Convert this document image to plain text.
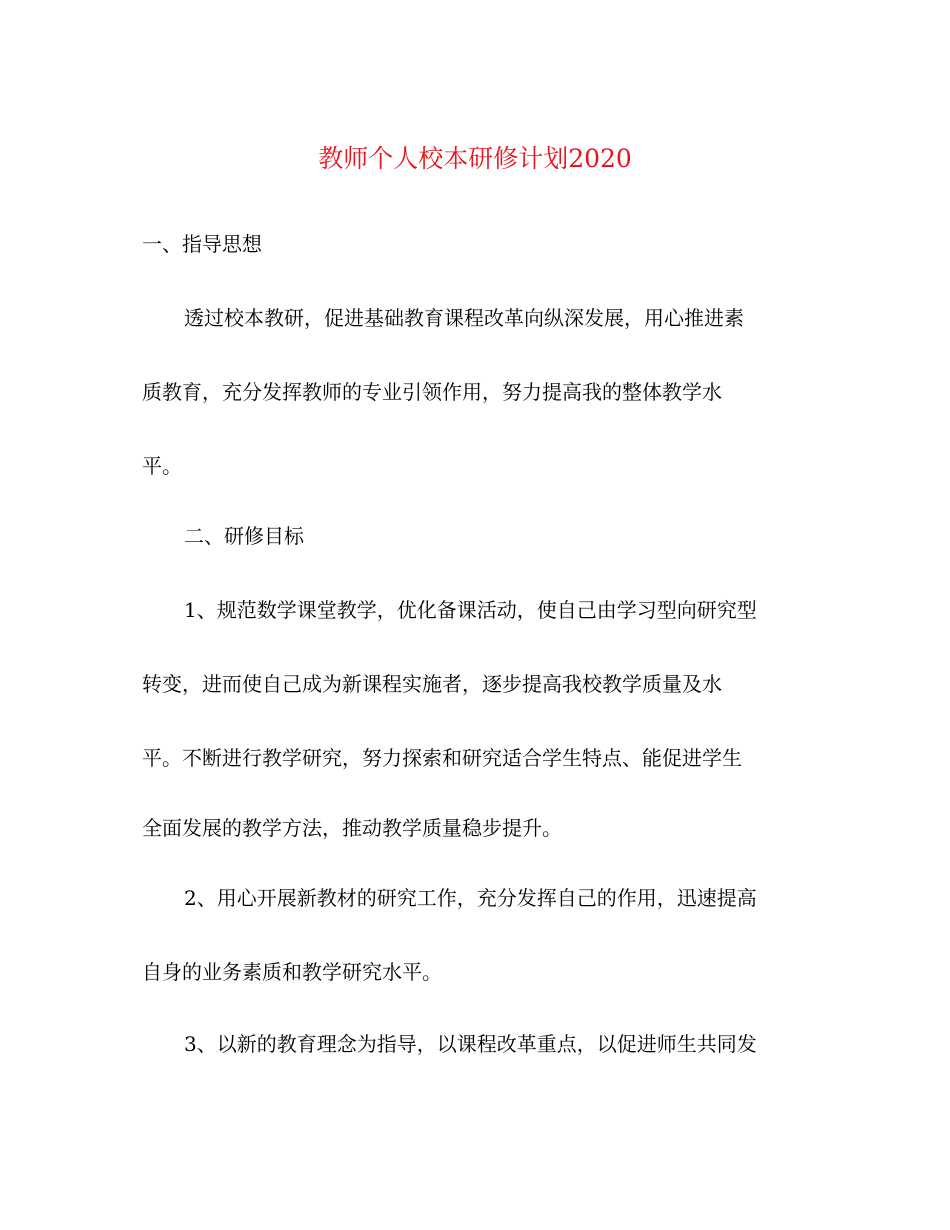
教师个人校本研修计划2020
一、指导思想
透过校本教研，促进基础教育课程改革向纵深发展，用心推进素
质教育，充分发挥教师的专业引领作用，努力提高我的整体教学水
平。
二、研修目标
1、规范数学课堂教学，优化备课活动，使自己由学习型向研究型
转变，进而使自己成为新课程实施者，逐步提高我校教学质量及水
平。不断进行教学研究，努力探索和研究适合学生特点、能促进学生
全面发展的教学方法，推动教学质量稳步提升。
2、用心开展新教材的研究工作，充分发挥自己的作用，迅速提高
自身的业务素质和教学研究水平。
3、以新的教育理念为指导，以课程改革重点，以促进师生共同发
